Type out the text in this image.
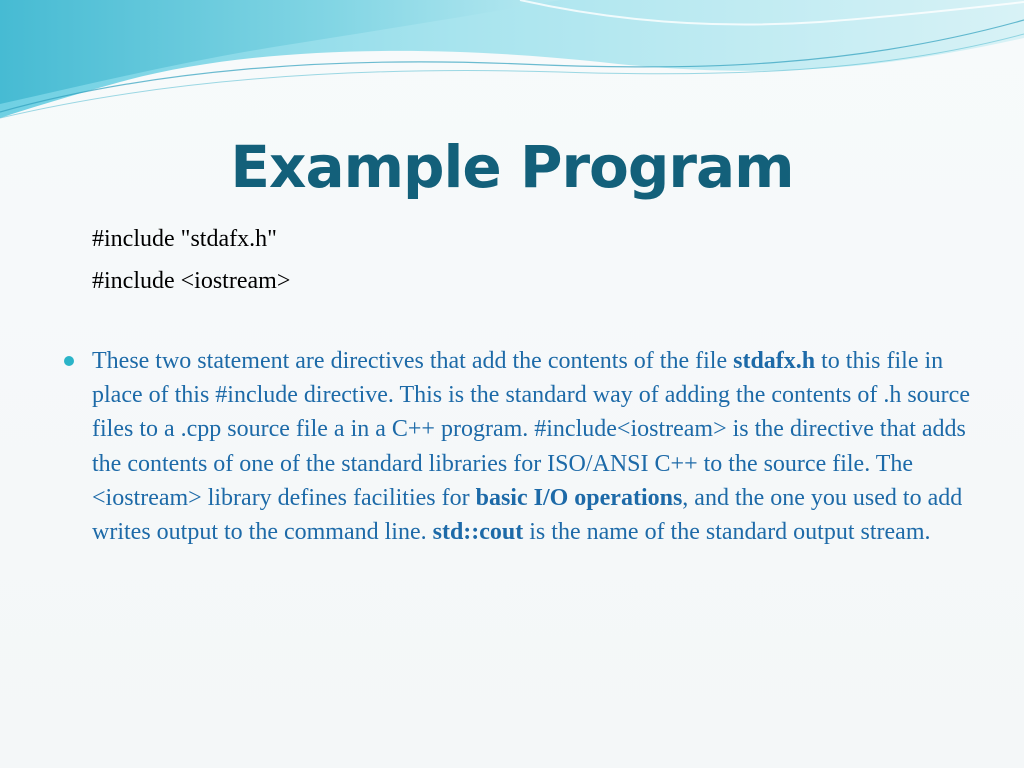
Example Program
#include "stdafx.h"
#include <iostream>

These two statement are directives that add the contents of the file stdafx.h to this file in place of this #include directive. This is the standard way of adding the contents of .h source files to a .cpp source file a in a C++ program. #include<iostream> is the directive that adds the contents of one of the standard libraries for ISO/ANSI C++ to the source file. The <iostream> library defines facilities for basic I/O operations, and the one you used to add writes output to the command line. std::cout is the name of the standard output stream.
